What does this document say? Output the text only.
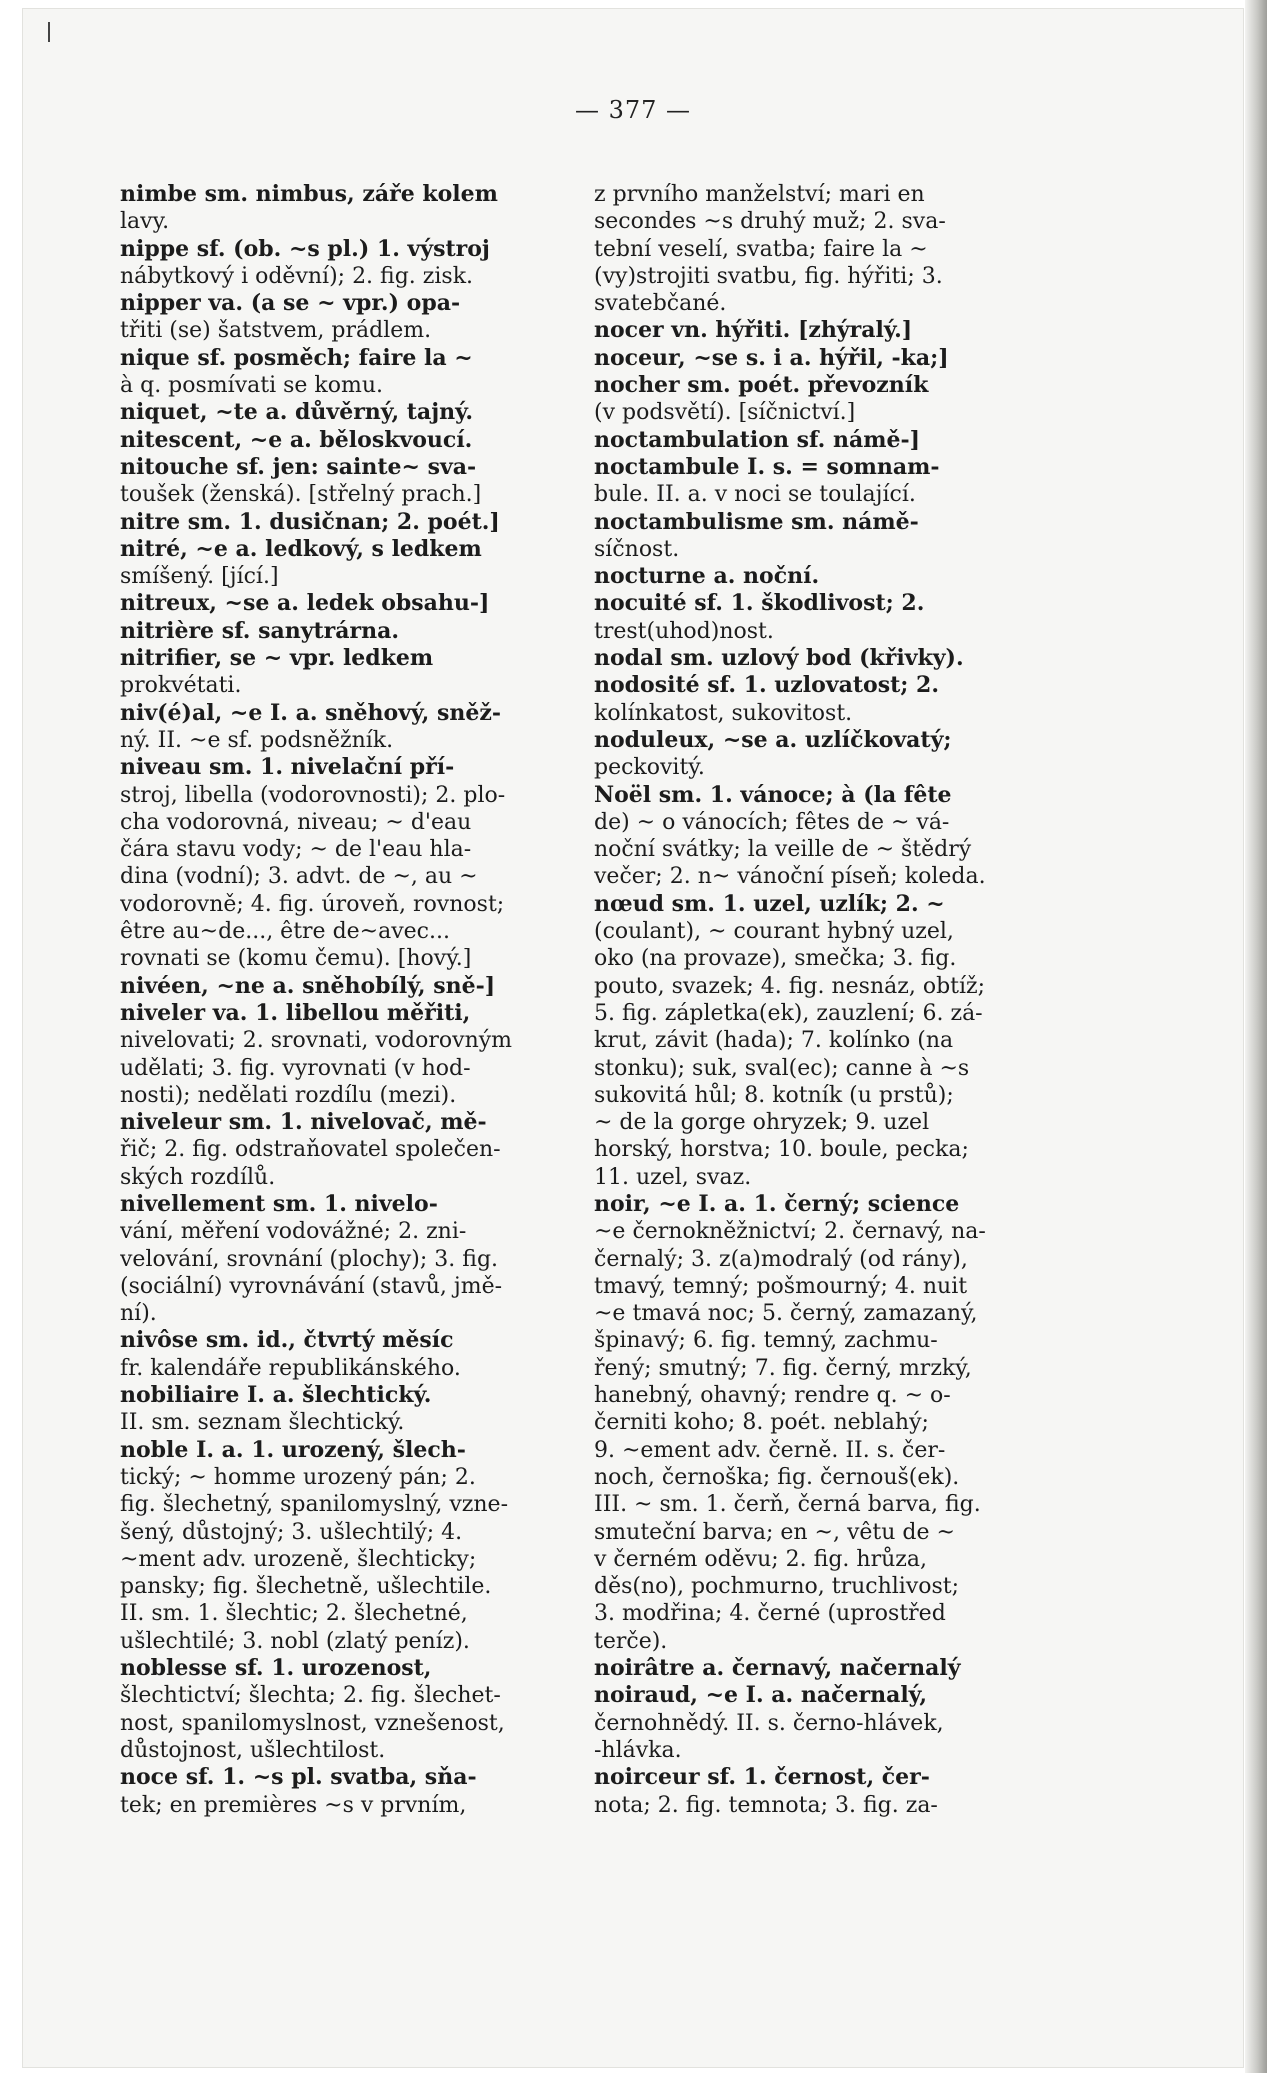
— 377 —
nimbe sm. nimbus, záře kolem
lavy.
nippe sf. (ob. ~s pl.) 1. výstroj
nábytkový i oděvní); 2. fig. zisk.
nipper va. (a se ~ vpr.) opa-
třiti (se) šatstvem, prádlem.
nique sf. posměch; faire la ~
à q. posmívati se komu.
niquet, ~te a. důvěrný, tajný.
nitescent, ~e a. běloskvoucí.
nitouche sf. jen: sainte~ sva-
toušek (ženská). [střelný prach.]
nitre sm. 1. dusičnan; 2. poét.]
nitré, ~e a. ledkový, s ledkem
smíšený. [jící.]
nitreux, ~se a. ledek obsahu-]
nitrière sf. sanytrárna.
nitrifier, se ~ vpr. ledkem
prokvétati.
niv(é)al, ~e I. a. sněhový, sněž-
ný. II. ~e sf. podsněžník.
niveau sm. 1. nivelační pří-
stroj, libella (vodorovnosti); 2. plo-
cha vodorovná, niveau; ~ d'eau
čára stavu vody; ~ de l'eau hla-
dina (vodní); 3. advt. de ~, au ~
vodorovně; 4. fig. úroveň, rovnost;
être au~de..., être de~avec...
rovnati se (komu čemu). [hový.]
nivéen, ~ne a. sněhobílý, sně-]
niveler va. 1. libellou měřiti,
nivelovati; 2. srovnati, vodorovným
udělati; 3. fig. vyrovnati (v hod-
nosti); nedělati rozdílu (mezi).
niveleur sm. 1. nivelovač, mě-
řič; 2. fig. odstraňovatel společen-
ských rozdílů.
nivellement sm. 1. nivelo-
vání, měření vodovážné; 2. zni-
velování, srovnání (plochy); 3. fig.
(sociální) vyrovnávání (stavů, jmě-
ní).
nivôse sm. id., čtvrtý měsíc
fr. kalendáře republikánského.
nobiliaire I. a. šlechtický.
II. sm. seznam šlechtický.
noble I. a. 1. urozený, šlech-
tický; ~ homme urozený pán; 2.
fig. šlechetný, spanilomyslný, vzne-
šený, důstojný; 3. ušlechtilý; 4.
~ment adv. urozeně, šlechticky;
pansky; fig. šlechetně, ušlechtile.
II. sm. 1. šlechtic; 2. šlechetné,
ušlechtilé; 3. nobl (zlatý peníz).
noblesse sf. 1. urozenost,
šlechtictví; šlechta; 2. fig. šlechet-
nost, spanilomyslnost, vznešenost,
důstojnost, ušlechtilost.
noce sf. 1. ~s pl. svatba, sňa-
tek; en premières ~s v prvním,
z prvního manželství; mari en
secondes ~s druhý muž; 2. sva-
tební veselí, svatba; faire la ~
(vy)strojiti svatbu, fig. hýřiti; 3.
svatebčané.
nocer vn. hýřiti. [zhýralý.]
noceur, ~se s. i a. hýřil, -ka;]
nocher sm. poét. převozník
(v podsvětí). [síčnictví.]
noctambulation sf. námě-]
noctambule I. s. = somnam-
bule. II. a. v noci se toulající.
noctambulisme sm. námě-
síčnost.
nocturne a. noční.
nocuité sf. 1. škodlivost; 2.
trest(uhod)nost.
nodal sm. uzlový bod (křivky).
nodosité sf. 1. uzlovatost; 2.
kolínkatost, sukovitost.
noduleux, ~se a. uzlíčkovatý;
peckovitý.
Noël sm. 1. vánoce; à (la fête
de) ~ o vánocích; fêtes de ~ vá-
noční svátky; la veille de ~ štědrý
večer; 2. n~ vánoční píseň; koleda.
nœud sm. 1. uzel, uzlík; 2. ~
(coulant), ~ courant hybný uzel,
oko (na provaze), smečka; 3. fig.
pouto, svazek; 4. fig. nesnáz, obtíž;
5. fig. zápletka(ek), zauzlení; 6. zá-
krut, závit (hada); 7. kolínko (na
stonku); suk, sval(ec); canne à ~s
sukovitá hůl; 8. kotník (u prstů);
~ de la gorge ohryzek; 9. uzel
horský, horstva; 10. boule, pecka;
11. uzel, svaz.
noir, ~e I. a. 1. černý; science
~e černokněžnictví; 2. černavý, na-
černalý; 3. z(a)modralý (od rány),
tmavý, temný; pošmourný; 4. nuit
~e tmavá noc; 5. černý, zamazaný,
špinavý; 6. fig. temný, zachmu-
řený; smutný; 7. fig. černý, mrzký,
hanebný, ohavný; rendre q. ~ o-
černiti koho; 8. poét. neblahý;
9. ~ement adv. černě. II. s. čer-
noch, černoška; fig. černouš(ek).
III. ~ sm. 1. čerň, černá barva, fig.
smuteční barva; en ~, vêtu de ~
v černém oděvu; 2. fig. hrůza,
děs(no), pochmurno, truchlivost;
3. modřina; 4. černé (uprostřed
terče).
noirâtre a. černavý, načernalý
noiraud, ~e I. a. načernalý,
černohnědý. II. s. černo-hlávek,
-hlávka.
noirceur sf. 1. černost, čer-
nota; 2. fig. temnota; 3. fig. za-
